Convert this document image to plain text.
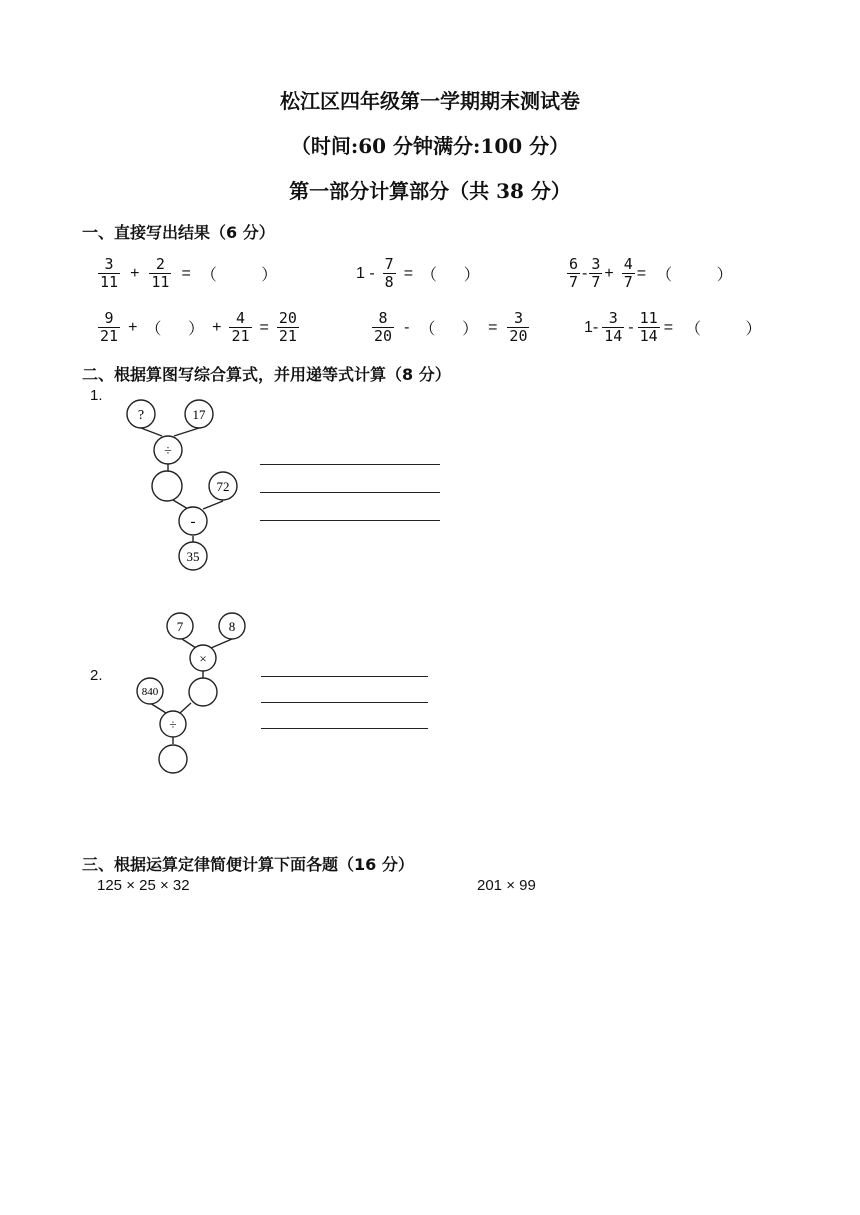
松江区四年级第一学期期末测试卷
（时间:60 分钟满分:100 分）
第一部分计算部分（共 38 分）
一、直接写出结果（6 分）
$\frac{3}{11} + \frac{2}{11}$ = （          ）	$1 - \frac{7}{8}$ = （      ）	$\frac{6}{7} - \frac{3}{7} + \frac{4}{7}$ = （          ）
$\frac{9}{21}$ + （      ） + $\frac{4}{21} = \frac{20}{21}$	$\frac{8}{20}$ - （      ） = $\frac{3}{20}$	$1- \frac{3}{14} - \frac{11}{14}$ = （          ）
二、根据算图写综合算式，并用递等式计算（8 分）
1.
?	17
÷
72
-
35
2.
7	8
×
840
÷
三、根据运算定律简便计算下面各题（16 分）
125 × 25 × 32	201 × 99
